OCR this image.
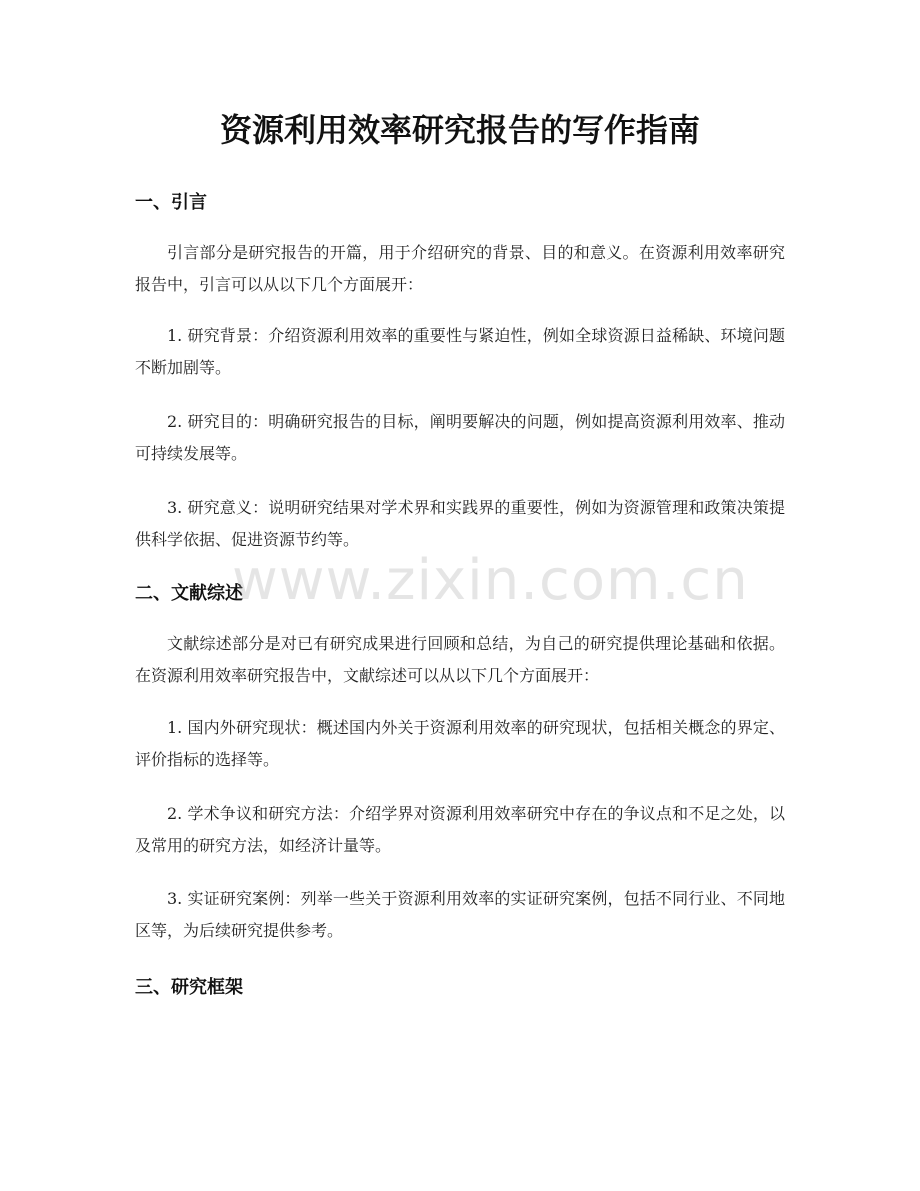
资源利用效率研究报告的写作指南
一、引言

引言部分是研究报告的开篇，用于介绍研究的背景、目的和意义。在资源利用效率研究报告中，引言可以从以下几个方面展开：

1. 研究背景：介绍资源利用效率的重要性与紧迫性，例如全球资源日益稀缺、环境问题不断加剧等。

2. 研究目的：明确研究报告的目标，阐明要解决的问题，例如提高资源利用效率、推动可持续发展等。

3. 研究意义：说明研究结果对学术界和实践界的重要性，例如为资源管理和政策决策提供科学依据、促进资源节约等。

二、文献综述

文献综述部分是对已有研究成果进行回顾和总结，为自己的研究提供理论基础和依据。在资源利用效率研究报告中，文献综述可以从以下几个方面展开：

1. 国内外研究现状：概述国内外关于资源利用效率的研究现状，包括相关概念的界定、评价指标的选择等。

2. 学术争议和研究方法：介绍学界对资源利用效率研究中存在的争议点和不足之处，以及常用的研究方法，如经济计量等。

3. 实证研究案例：列举一些关于资源利用效率的实证研究案例，包括不同行业、不同地区等，为后续研究提供参考。

三、研究框架
www.zixin.com.cn
